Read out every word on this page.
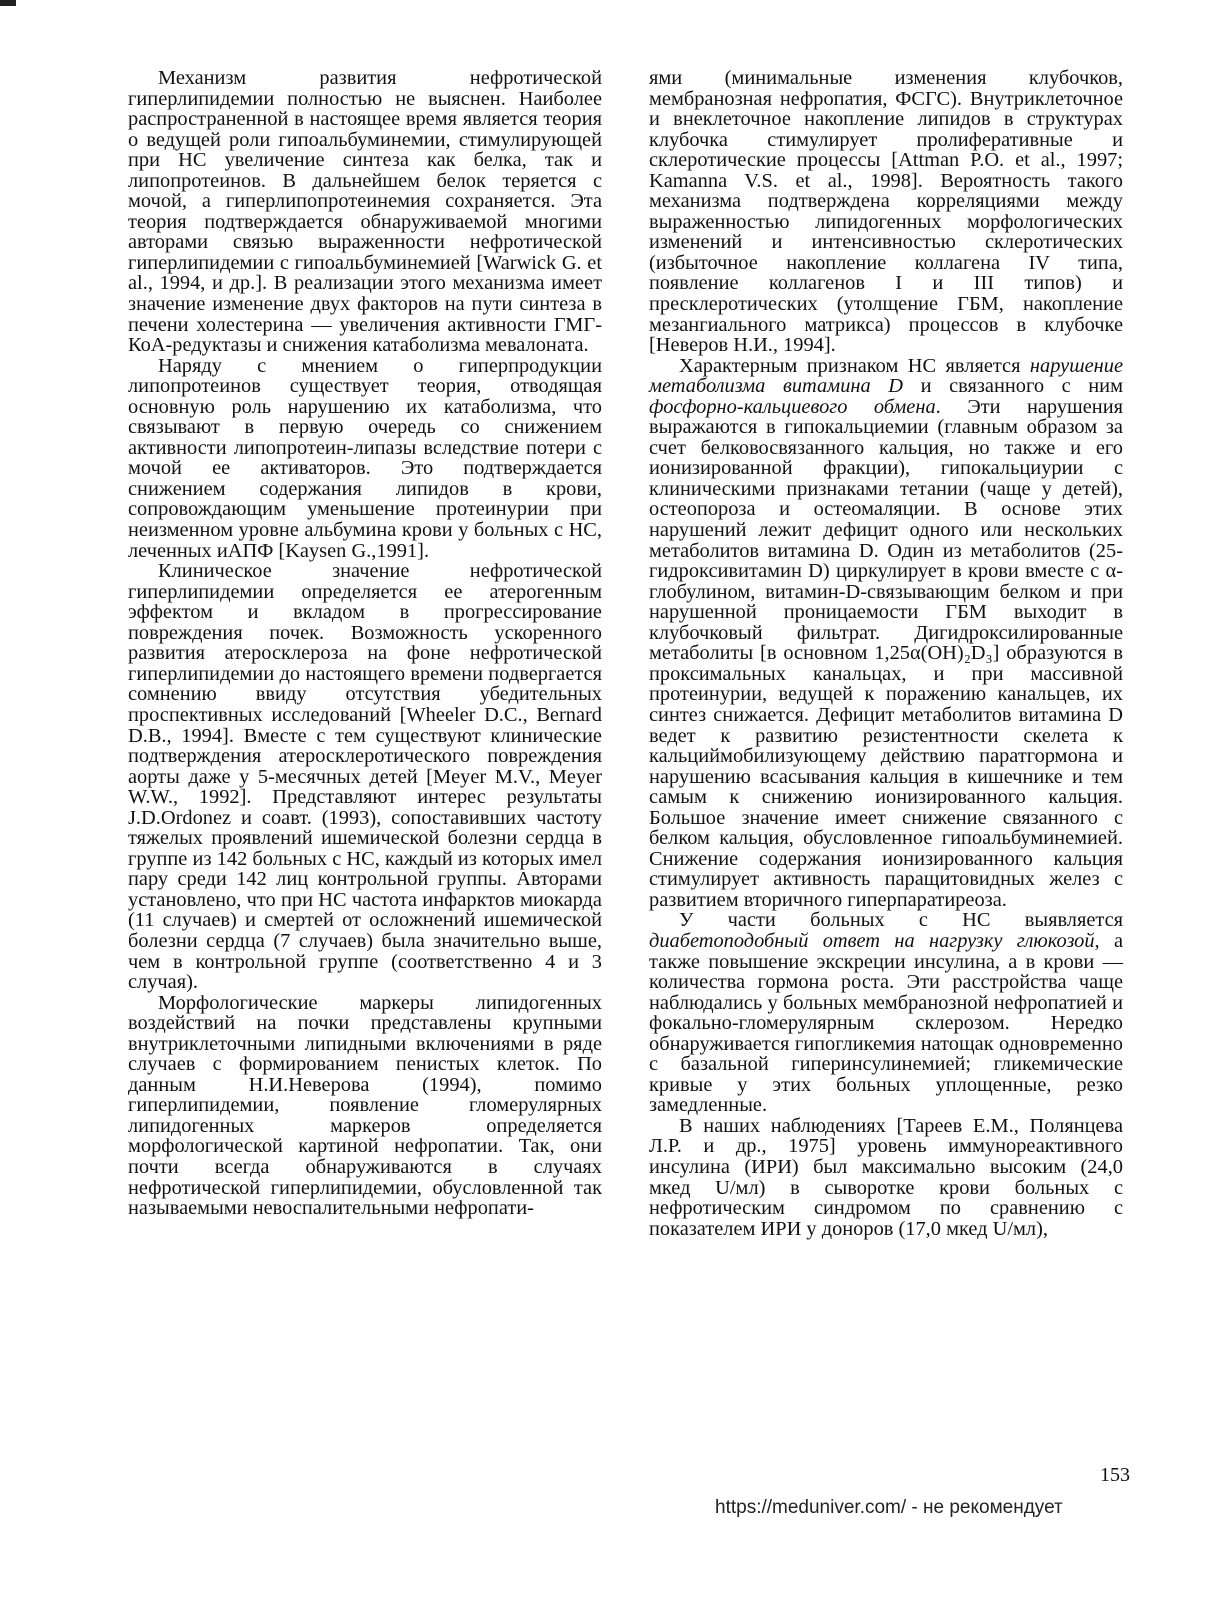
Механизм развития нефротической гиперлипидемии полностью не выяснен. Наиболее распространенной в настоящее время является теория о ведущей роли гипоальбуминемии, стимулирующей при НС увеличение синтеза как белка, так и липопротеинов. В дальнейшем белок теряется с мочой, а гиперлипопротеинемия сохраняется. Эта теория подтверждается обнаруживаемой многими авторами связью выраженности нефротической гиперлипидемии с гипоальбуминемией [Warwick G. et al., 1994, и др.]. В реализации этого механизма имеет значение изменение двух факторов на пути синтеза в печени холестерина — увеличения активности ГМГ-КоА-редуктазы и снижения катаболизма мевалоната.

Наряду с мнением о гиперпродукции липопротеинов существует теория, отводящая основную роль нарушению их катаболизма, что связывают в первую очередь со снижением активности липопротеин-липазы вследствие потери с мочой ее активаторов. Это подтверждается снижением содержания липидов в крови, сопровождающим уменьшение протеинурии при неизменном уровне альбумина крови у больных с НС, леченных иАПФ [Kaysen G.,1991].

Клиническое значение нефротической гиперлипидемии определяется ее атерогенным эффектом и вкладом в прогрессирование повреждения почек. Возможность ускоренного развития атеросклероза на фоне нефротической гиперлипидемии до настоящего времени подвергается сомнению ввиду отсутствия убедительных проспективных исследований [Wheeler D.C., Bernard D.B., 1994]. Вместе с тем существуют клинические подтверждения атеросклеротического повреждения аорты даже у 5-месячных детей [Meyer M.V., Meyer W.W., 1992]. Представляют интерес результаты J.D.Ordonez и соавт. (1993), сопоставивших частоту тяжелых проявлений ишемической болезни сердца в группе из 142 больных с НС, каждый из которых имел пару среди 142 лиц контрольной группы. Авторами установлено, что при НС частота инфарктов миокарда (11 случаев) и смертей от осложнений ишемической болезни сердца (7 случаев) была значительно выше, чем в контрольной группе (соответственно 4 и 3 случая).

Морфологические маркеры липидогенных воздействий на почки представлены крупными внутриклеточными липидными включениями в ряде случаев с формированием пенистых клеток. По данным Н.И.Неверова (1994), помимо гиперлипидемии, появление гломерулярных липидогенных маркеров определяется морфологической картиной нефропатии. Так, они почти всегда обнаруживаются в случаях нефротической гиперлипидемии, обусловленной так называемыми невоспалительными нефропати-

ями (минимальные изменения клубочков, мембранозная нефропатия, ФСГС). Внутриклеточное и внеклеточное накопление липидов в структурах клубочка стимулирует пролиферативные и склеротические процессы [Attman P.O. et al., 1997; Kamanna V.S. et al., 1998]. Вероятность такого механизма подтверждена корреляциями между выраженностью липидогенных морфологических изменений и интенсивностью склеротических (избыточное накопление коллагена IV типа, появление коллагенов I и III типов) и пресклеротических (утолщение ГБМ, накопление мезангиального матрикса) процессов в клубочке [Неверов Н.И., 1994].

Характерным признаком НС является нарушение метаболизма витамина D и связанного с ним фосфорно-кальциевого обмена. Эти нарушения выражаются в гипокальциемии (главным образом за счет белковосвязанного кальция, но также и его ионизированной фракции), гипокальциурии с клиническими признаками тетании (чаще у детей), остеопороза и остеомаляции. В основе этих нарушений лежит дефицит одного или нескольких метаболитов витамина D. Один из метаболитов (25-гидроксивитамин D) циркулирует в крови вместе с α-глобулином, витамин-D-связывающим белком и при нарушенной проницаемости ГБМ выходит в клубочковый фильтрат. Дигидроксилированные метаболиты [в основном 1,25α(OH)₂D₃] образуются в проксимальных канальцах, и при массивной протеинурии, ведущей к поражению канальцев, их синтез снижается. Дефицит метаболитов витамина D ведет к развитию резистентности скелета к кальциймобилизующему действию паратгормона и нарушению всасывания кальция в кишечнике и тем самым к снижению ионизированного кальция. Большое значение имеет снижение связанного с белком кальция, обусловленное гипоальбуминемией. Снижение содержания ионизированного кальция стимулирует активность паращитовидных желез с развитием вторичного гиперпаратиреоза.

У части больных с НС выявляется диабетоподобный ответ на нагрузку глюкозой, а также повышение экскреции инсулина, а в крови — количества гормона роста. Эти расстройства чаще наблюдались у больных мембранозной нефропатией и фокально-гломерулярным склерозом. Нередко обнаруживается гипогликемия натощак одновременно с базальной гиперинсулинемией; гликемические кривые у этих больных уплощенные, резко замедленные.

В наших наблюдениях [Тареев Е.М., Полянцева Л.Р. и др., 1975] уровень иммунореактивного инсулина (ИРИ) был максимально высоким (24,0 мкед U/мл) в сыворотке крови больных с нефротическим синдромом по сравнению с показателем ИРИ у доноров (17,0 мкед U/мл),

153
https://meduniver.com/ - не рекомендует
